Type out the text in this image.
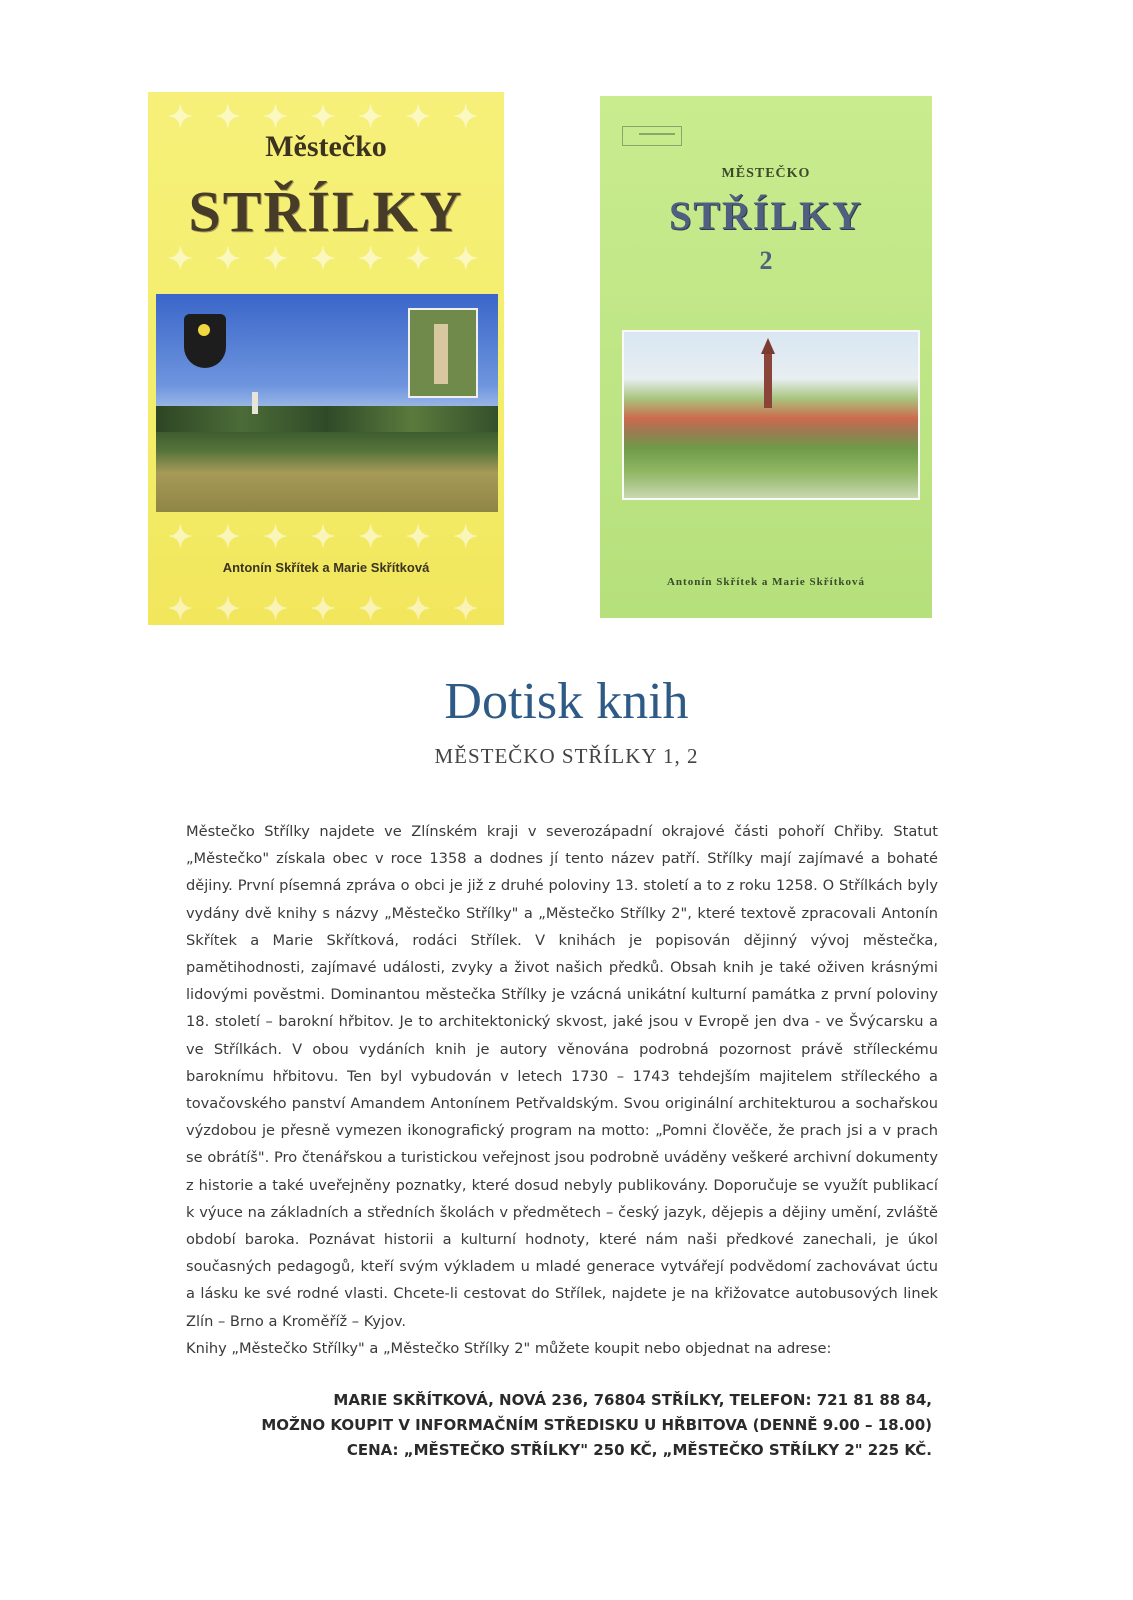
✦ ✦ ✦ ✦ ✦ ✦ ✦
✦ ✦ ✦ ✦ ✦ ✦ ✦
✦ ✦ ✦ ✦ ✦ ✦ ✦
✦ ✦ ✦ ✦ ✦ ✦ ✦
Městečko
STŘÍLKY
Antonín Skřítek a Marie Skřítková
MĚSTEČKO
STŘÍLKY
2
Antonín Skřítek a Marie Skřítková
Dotisk knih
MĚSTEČKO STŘÍLKY 1, 2

Městečko Střílky najdete ve Zlínském kraji v severozápadní okrajové části pohoří Chřiby. Statut „Městečko" získala obec v roce 1358 a dodnes jí tento název patří. Střílky mají zajímavé a bohaté dějiny. První písemná zpráva o obci je již z druhé poloviny 13. století a to z roku 1258. O Střílkách byly vydány dvě knihy s názvy „Městečko Střílky" a „Městečko Střílky 2", které textově zpracovali Antonín Skřítek a Marie Skřítková, rodáci Střílek. V knihách je popisován dějinný vývoj městečka, pamětihodnosti, zajímavé události, zvyky a život našich předků. Obsah knih je také oživen krásnými lidovými pověstmi. Dominantou městečka Střílky je vzácná unikátní kulturní památka z první poloviny 18. století – barokní hřbitov. Je to architektonický skvost, jaké jsou v Evropě jen dva - ve Švýcarsku a ve Střílkách. V obou vydáních knih je autory věnována podrobná pozornost právě střílеckému baroknímu hřbitovu. Ten byl vybudován v letech 1730 – 1743 tehdejším majitelem střílеckého a tovačovského panství Amandem Antonínem Petřvaldským. Svou originální architekturou a sochařskou výzdobou je přesně vymezen ikonografický program na motto: „Pomni člověče, že prach jsi a v prach se obrátíš". Pro čtenářskou a turistickou veřejnost jsou podrobně uváděny veškeré archivní dokumenty z historie a také uveřejněny poznatky, které dosud nebyly publikovány. Doporučuje se využít publikací k výuce na základních a středních školách v předmětech – český jazyk, dějepis a dějiny umění, zvláště období baroka. Poznávat historii a kulturní hodnoty, které nám naši předkové zanechali, je úkol současných pedagogů, kteří svým výkladem u mladé generace vytvářejí podvědomí zachovávat úctu a lásku ke své rodné vlasti. Chcete-li cestovat do Střílek, najdete je na křižovatce autobusových linek Zlín – Brno a Kroměříž – Kyjov.

Knihy „Městečko Střílky" a „Městečko Střílky 2" můžete koupit nebo objednat na adrese:

MARIE SKŘÍTKOVÁ, NOVÁ 236, 76804 STŘÍLKY, TELEFON: 721 81 88 84,
MOŽNO KOUPIT V INFORMAČNÍM STŘEDISKU U HŘBITOVA (DENNĚ 9.00 – 18.00)
CENA: „MĚSTEČKO STŘÍLKY" 250 KČ, „MĚSTEČKO STŘÍLKY 2" 225 KČ.
